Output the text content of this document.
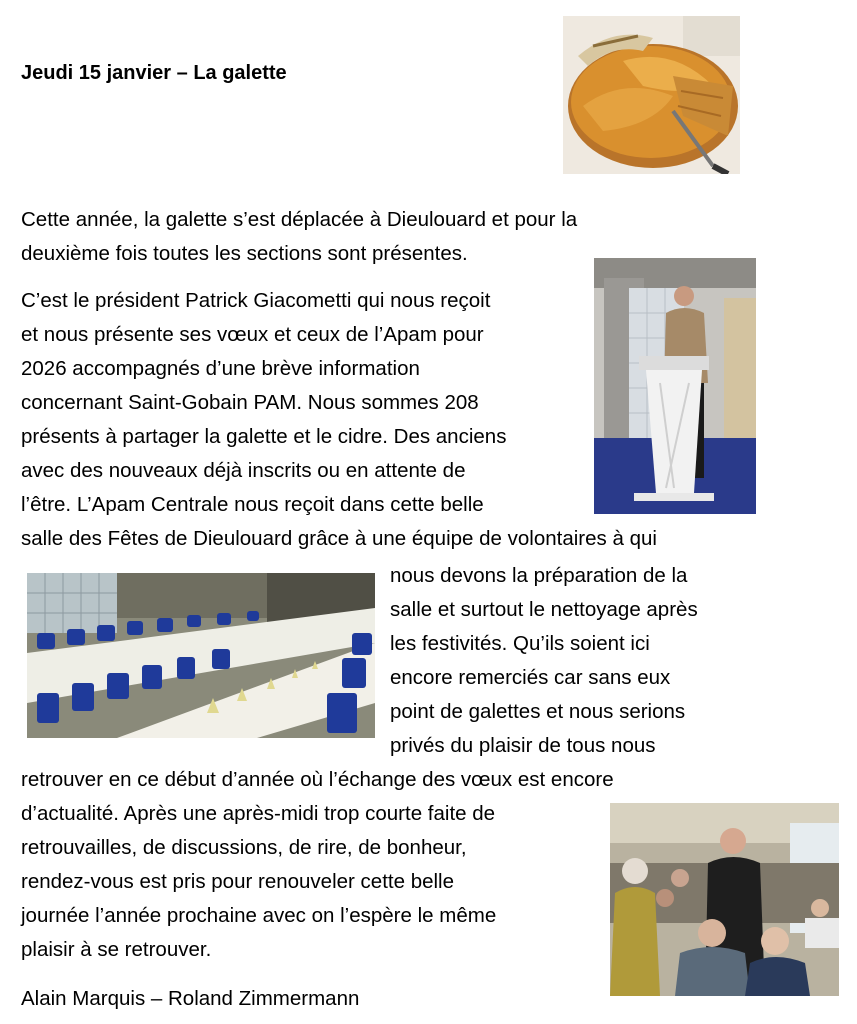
Jeudi 15 janvier – La galette
Cette année, la galette s’est déplacée à Dieulouard et pour la
deuxième fois toutes les sections sont présentes.
C’est le président Patrick Giacometti qui nous reçoit
et nous présente ses vœux et ceux de l’Apam pour
2026 accompagnés d’une brève information
concernant Saint-Gobain PAM. Nous sommes 208
présents à partager la galette et le cidre. Des anciens
avec des nouveaux déjà inscrits ou en attente de
l’être. L’Apam Centrale nous reçoit dans cette belle
salle des Fêtes de Dieulouard grâce à une équipe de volontaires à qui
nous devons la préparation de la
salle et surtout le nettoyage après
les festivités. Qu’ils soient ici
encore remerciés car sans eux
point de galettes et nous serions
privés du plaisir de tous nous
retrouver en ce début d’année où l’échange des vœux est encore
d’actualité. Après une après-midi trop courte faite de
retrouvailles, de discussions, de rire, de bonheur,
rendez-vous est pris pour renouveler cette belle
journée l’année prochaine avec on l’espère le même
plaisir à se retrouver.
Alain Marquis – Roland Zimmermann
